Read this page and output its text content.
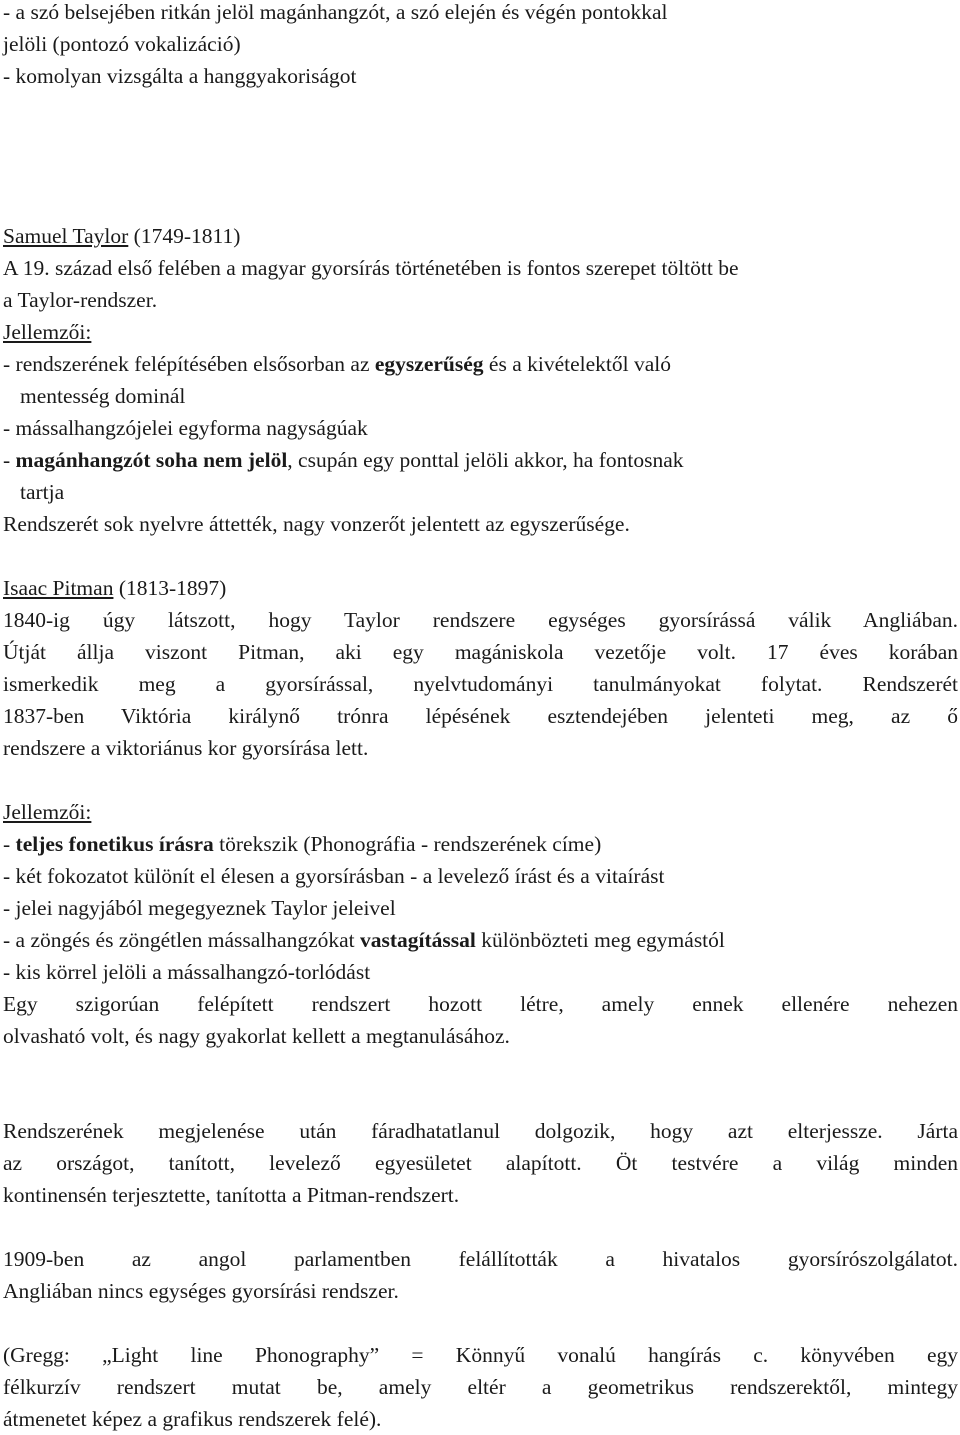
- a szó belsejében ritkán jelöl magánhangzót, a szó elején és végén pontokkal
jelöli (pontozó vokalizáció)
- komolyan vizsgálta a hanggyakoriságot
Samuel Taylor (1749-1811)
A 19. század első felében a magyar gyorsírás történetében is fontos szerepet töltött be
a Taylor-rendszer.
Jellemzői:
- rendszerének felépítésében elsősorban az egyszerűség és a kivételektől való
mentesség dominál
- mássalhangzójelei egyforma nagyságúak
- magánhangzót soha nem jelöl, csupán egy ponttal jelöli akkor, ha fontosnak
tartja
Rendszerét sok nyelvre áttették, nagy vonzerőt jelentett az egyszerűsége.
Isaac Pitman (1813-1897)
1840-ig úgy látszott, hogy Taylor rendszere egységes gyorsírássá válik Angliában.
Útját állja viszont Pitman, aki egy magániskola vezetője volt. 17 éves korában
ismerkedik meg a gyorsírással, nyelvtudományi tanulmányokat folytat. Rendszerét
1837-ben Viktória királynő trónra lépésének esztendejében jelenteti meg, az ő
rendszere a viktoriánus kor gyorsírása lett.
Jellemzői:
- teljes fonetikus írásra törekszik (Phonográfia - rendszerének címe)
- két fokozatot különít el élesen a gyorsírásban - a levelező írást és a vitaírást
- jelei nagyjából megegyeznek Taylor jeleivel
- a zöngés és zöngétlen mássalhangzókat vastagítással különbözteti meg egymástól
- kis körrel jelöli a mássalhangzó-torlódást
Egy szigorúan felépített rendszert hozott létre, amely ennek ellenére nehezen
olvasható volt, és nagy gyakorlat kellett a megtanulásához.
Rendszerének megjelenése után fáradhatatlanul dolgozik, hogy azt elterjessze. Járta
az országot, tanított, levelező egyesületet alapított. Öt testvére a világ minden
kontinensén terjesztette, tanította a Pitman-rendszert.
1909-ben az angol parlamentben felállították a hivatalos gyorsírószolgálatot.
Angliában nincs egységes gyorsírási rendszer.
(Gregg: „Light line Phonography” = Könnyű vonalú hangírás c. könyvében egy
félkurzív rendszert mutat be, amely eltér a geometrikus rendszerektől, mintegy
átmenetet képez a grafikus rendszerek felé).
